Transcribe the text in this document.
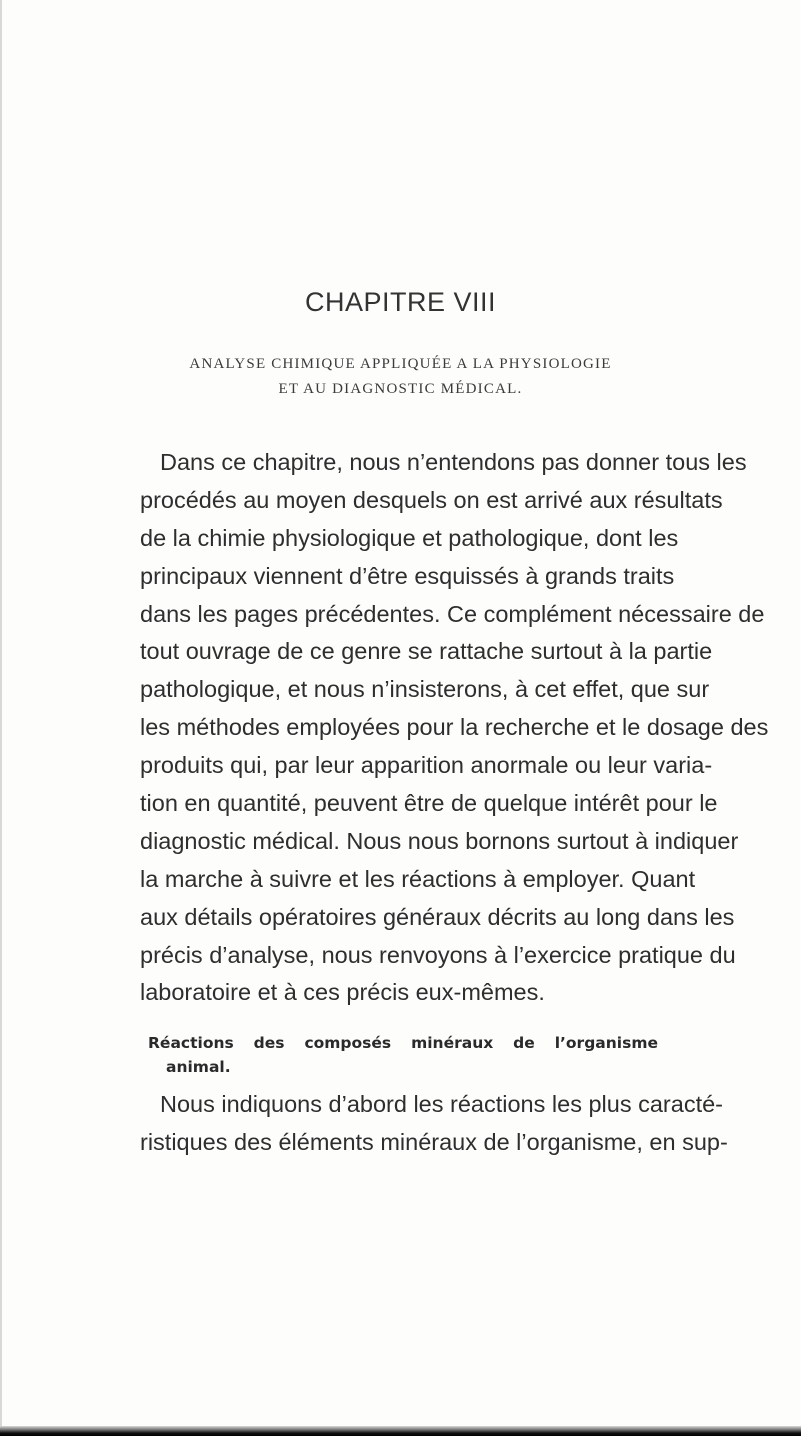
CHAPITRE VIII
ANALYSE CHIMIQUE APPLIQUÉE A LA PHYSIOLOGIE
ET AU DIAGNOSTIC MÉDICAL.
Dans ce chapitre, nous n’entendons pas donner tous les
procédés au moyen desquels on est arrivé aux résultats
de la chimie physiologique et pathologique, dont les
principaux viennent d’être esquissés à grands traits
dans les pages précédentes. Ce complément nécessaire de
tout ouvrage de ce genre se rattache surtout à la partie
pathologique, et nous n’insisterons, à cet effet, que sur
les méthodes employées pour la recherche et le dosage des
produits qui, par leur apparition anormale ou leur varia-
tion en quantité, peuvent être de quelque intérêt pour le
diagnostic médical. Nous nous bornons surtout à indiquer
la marche à suivre et les réactions à employer. Quant
aux détails opératoires généraux décrits au long dans les
précis d’analyse, nous renvoyons à l’exercice pratique du
laboratoire et à ces précis eux-mêmes.
Réactions des composés minéraux de l’organisme
animal.
Nous indiquons d’abord les réactions les plus caracté-
ristiques des éléments minéraux de l’organisme, en sup-
